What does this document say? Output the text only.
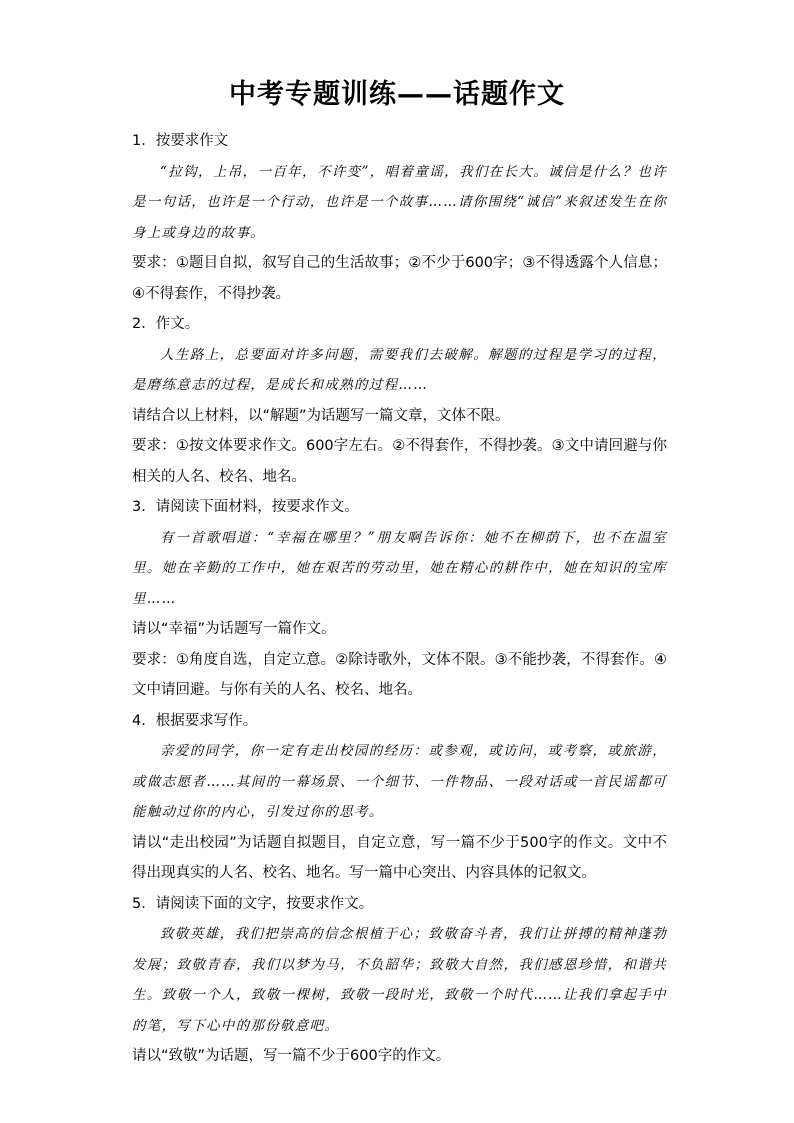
中考专题训练——话题作文

1．按要求作文

“拉钩，上吊，一百年，不许变”，唱着童谣，我们在长大。诚信是什么？也许是一句话，也许是一个行动，也许是一个故事……请你围绕“诚信”来叙述发生在你身上或身边的故事。

要求：①题目自拟，叙写自己的生活故事；②不少于600字；③不得透露个人信息；④不得套作，不得抄袭。

2．作文。

人生路上，总要面对许多问题，需要我们去破解。解题的过程是学习的过程，是磨练意志的过程，是成长和成熟的过程……

请结合以上材料，以“解题”为话题写一篇文章，文体不限。

要求：①按文体要求作文。600字左右。②不得套作，不得抄袭。③文中请回避与你相关的人名、校名、地名。

3．请阅读下面材料，按要求作文。

有一首歌唱道：“幸福在哪里？”朋友啊告诉你：她不在柳荫下，也不在温室里。她在辛勤的工作中，她在艰苦的劳动里，她在精心的耕作中，她在知识的宝库里……

请以“幸福”为话题写一篇作文。

要求：①角度自选，自定立意。②除诗歌外，文体不限。③不能抄袭，不得套作。④文中请回避。与你有关的人名、校名、地名。

4．根据要求写作。

亲爱的同学，你一定有走出校园的经历：或参观，或访问，或考察，或旅游，或做志愿者……其间的一幕场景、一个细节、一件物品、一段对话或一首民谣都可能触动过你的内心，引发过你的思考。

请以“走出校园”为话题自拟题目，自定立意，写一篇不少于500字的作文。文中不得出现真实的人名、校名、地名。写一篇中心突出、内容具体的记叙文。

5．请阅读下面的文字，按要求作文。

致敬英雄，我们把崇高的信念根植于心；致敬奋斗者，我们让拼搏的精神蓬勃发展；致敬青春，我们以梦为马，不负韶华；致敬大自然，我们感恩珍惜，和谐共生。致敬一个人，致敬一棵树，致敬一段时光，致敬一个时代……让我们拿起手中的笔，写下心中的那份敬意吧。

请以“致敬”为话题，写一篇不少于600字的作文。
